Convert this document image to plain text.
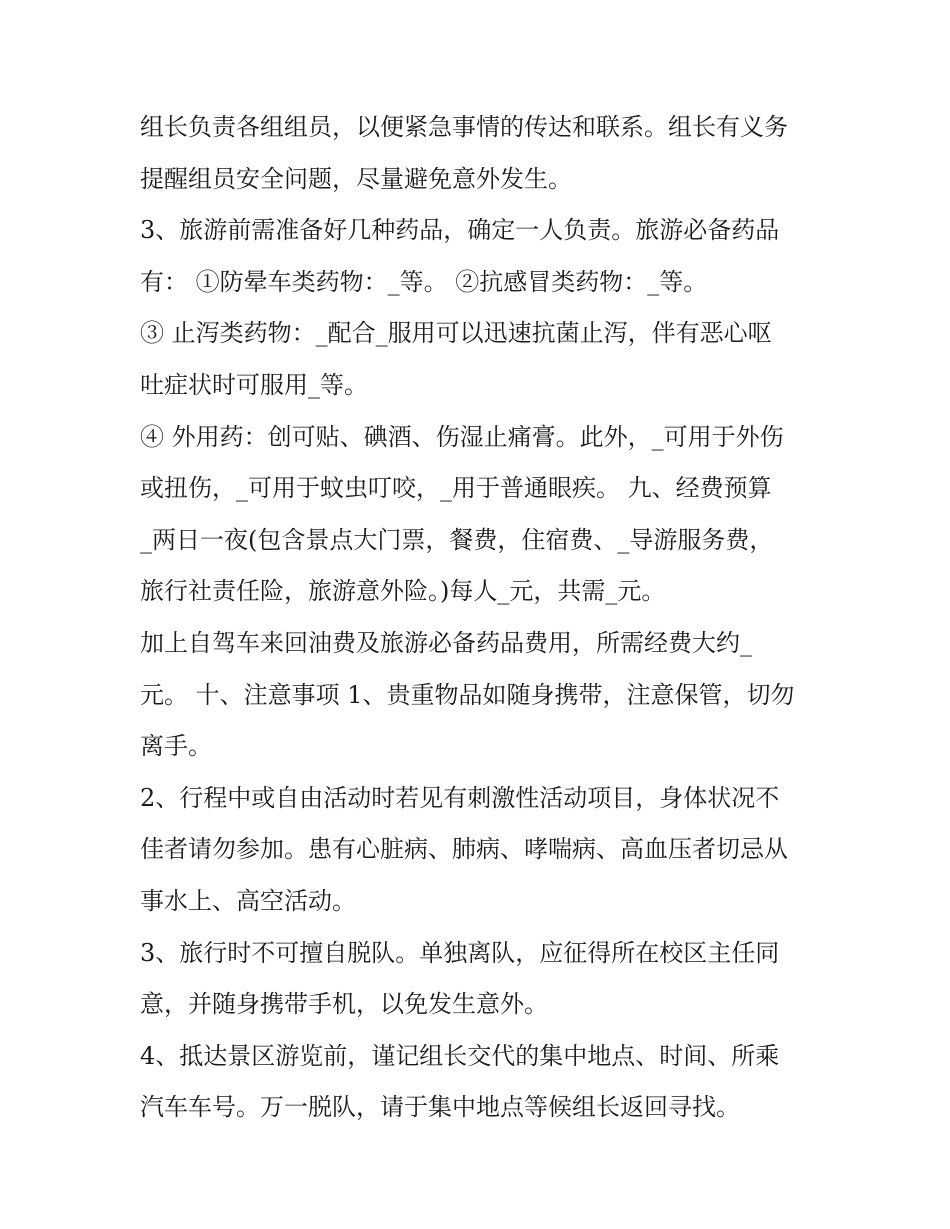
组长负责各组组员，以便紧急事情的传达和联系。组长有义务
提醒组员安全问题，尽量避免意外发生。
3、旅游前需准备好几种药品，确定一人负责。旅游必备药品
有： ①防晕车类药物：_等。 ②抗感冒类药物：_等。
③ 止泻类药物：_配合_服用可以迅速抗菌止泻，伴有恶心呕
吐症状时可服用_等。
④ 外用药：创可贴、碘酒、伤湿止痛膏。此外，_可用于外伤
或扭伤，_可用于蚊虫叮咬，_用于普通眼疾。 九、经费预算
_两日一夜(包含景点大门票，餐费，住宿费、_导游服务费，
旅行社责任险，旅游意外险。)每人_元，共需_元。
加上自驾车来回油费及旅游必备药品费用，所需经费大约_
元。 十、注意事项 1、贵重物品如随身携带，注意保管，切勿
离手。
2、行程中或自由活动时若见有刺激性活动项目，身体状况不
佳者请勿参加。患有心脏病、肺病、哮喘病、高血压者切忌从
事水上、高空活动。
3、旅行时不可擅自脱队。单独离队，应征得所在校区主任同
意，并随身携带手机，以免发生意外。
4、抵达景区游览前，谨记组长交代的集中地点、时间、所乘
汽车车号。万一脱队，请于集中地点等候组长返回寻找。
